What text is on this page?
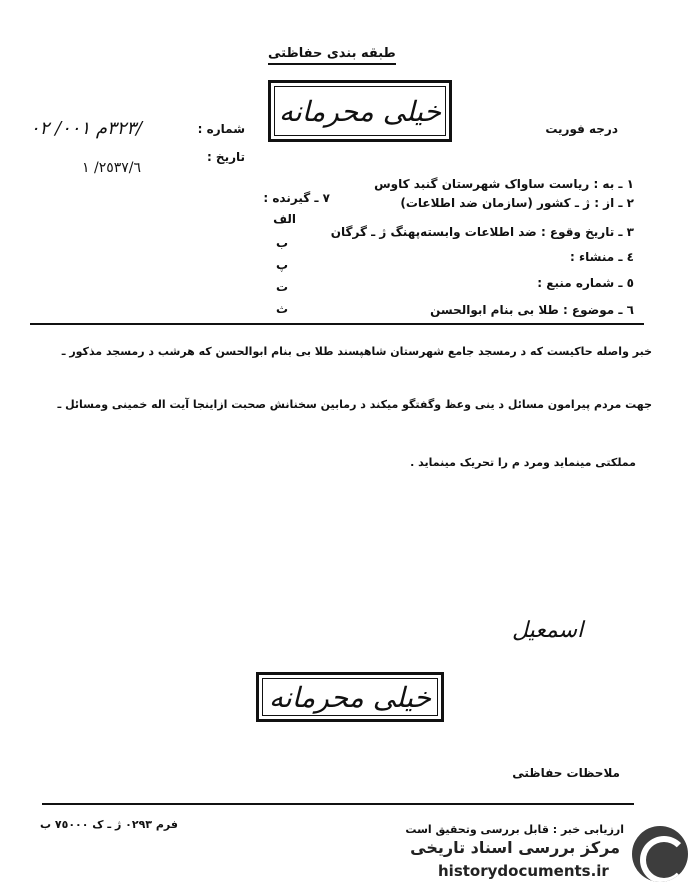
طبقه بندی حفاظتی
خیلی محرمانه
درجه فوریت
شماره :
٣٢٣م ٠٠١/ ٠٢/
تاریخ :
٢٥٣٧/٦/ ١
١ ـ به : ریاست ساواک شهرستان گنبد کاوس
٢ ـ از : ژ ـ کشور (سازمان ضد اطلاعات)
٣ ـ تاریخ وقوع : ضد اطلاعات وابسته‌پهنگ ژ ـ گرگان
٤ ـ منشاء :
٥ ـ شماره منبع :
٦ ـ موضوع : طلا بی بنام ابوالحسن
٧ ـ گیرنده :
الف
ب
پ
ت
ث
خبر واصله حاکیست که د رمسجد جامع شهرستان شاهپسند طلا بی بنام ابوالحسن که هرشب د رمسجد مذکور ـ
جهت مردم پیرامون مسائل د ینی وعظ وگفتگو میکند د رمابین سخنانش صحبت ازاینجا آیت اله خمینی ومسائل ـ
مملکتی مینماید ومرد م را تحریک مینماید .
اسمعیل
خیلی محرمانه
ملاحظات حفاظتی
ارزیابی خبر : قابل بررسی وتحقیق است
فرم ٠٢٩٣ ژ ـ ک ٧٥٠٠٠ ب
مرکز بررسی اسناد تاریخی
historydocuments.ir
